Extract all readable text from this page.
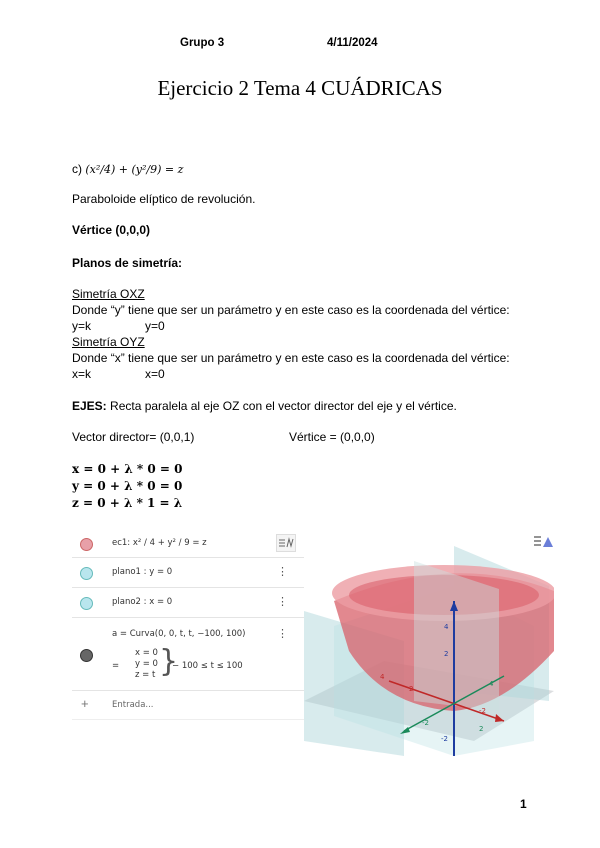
Grupo 3	4/11/2024
Ejercicio 2 Tema 4 CUÁDRICAS
c) (x²/4) + (y²/9) = z
Paraboloide elíptico de revolución.
Vértice (0,0,0)
Planos de simetría:
Simetría OXZ
Donde “y” tiene que ser un parámetro y en este caso es la coordenada del vértice:
y=k	y=0
Simetría OYZ
Donde “x” tiene que ser un parámetro y en este caso es la coordenada del vértice:
x=k	x=0
EJES: Recta paralela al eje OZ con el vector director del eje y el vértice.
Vector director= (0,0,1)	Vértice = (0,0,0)
x = 0 + λ * 0 = 0
y = 0 + λ * 0 = 0
z = 0 + λ * 1 = λ
ec1: x² / 4 + y² / 9 = z
plano1 : y = 0	⋮
plano2 : x = 0	⋮
a = Curva(0, 0, t, t, −100, 100)	⋮
=
x = 0
y = 0
z = t }
− 100 ≤ t ≤ 100
+	Entrada...
4
2
-2
4
2
-2
2
4
-2
1
